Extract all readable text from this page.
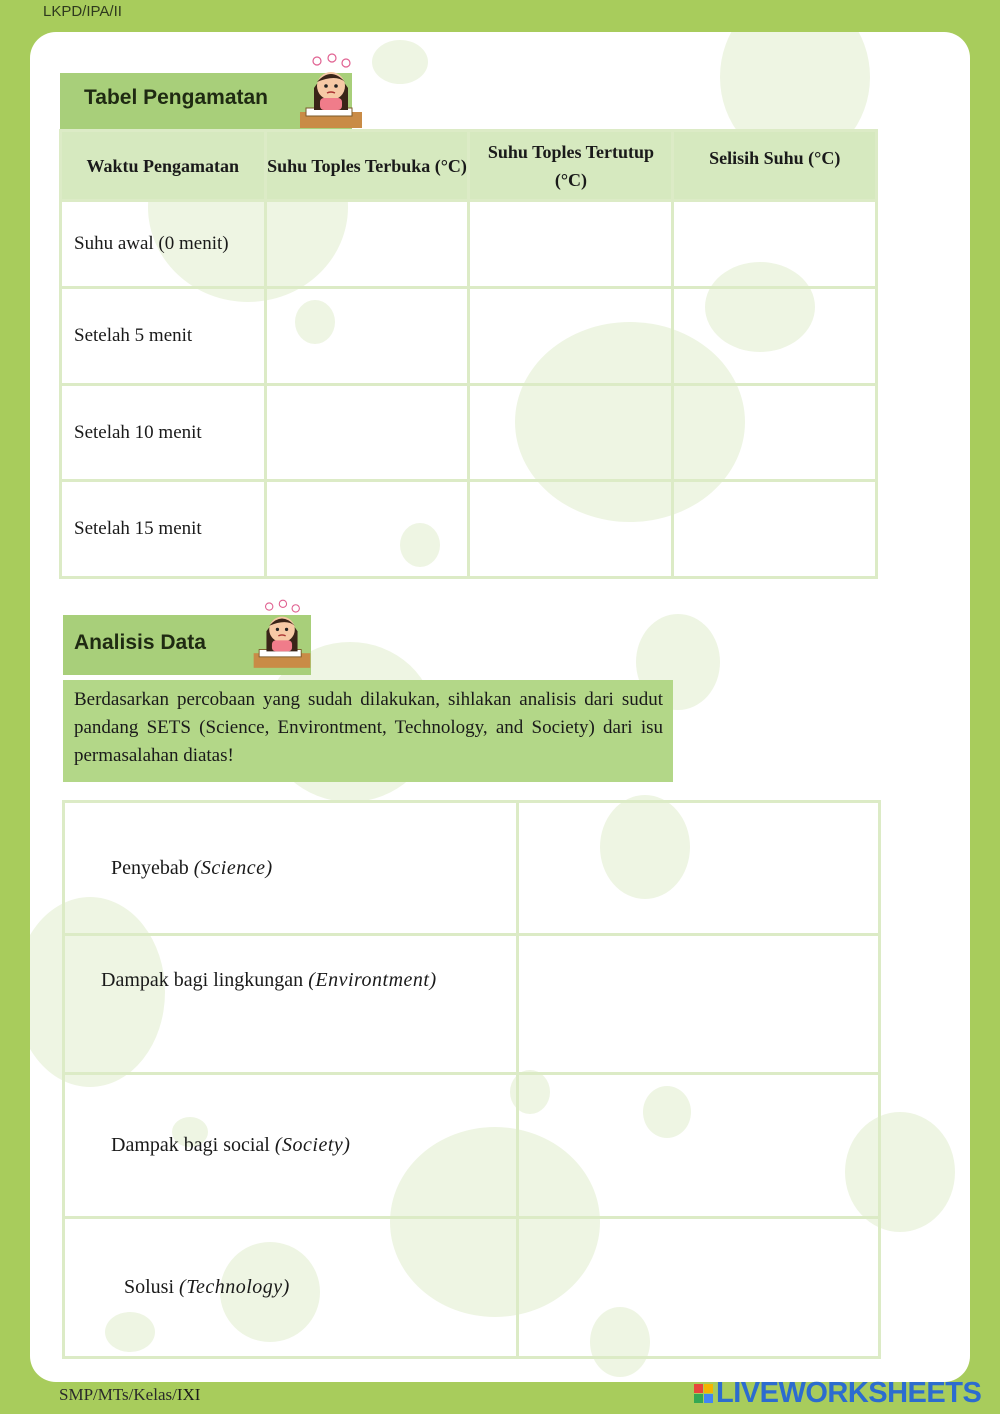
LKPD/IPA/II
Tabel Pengamatan
Waktu Pengamatan	Suhu Toples Terbuka (°C)	Suhu Toples Tertutup (°C)	Selisih Suhu (°C)
Suhu awal (0 menit)			
Setelah 5 menit			
Setelah 10 menit			
Setelah 15 menit			
Analisis Data
Berdasarkan percobaan yang sudah dilakukan, sihlakan analisis dari sudut pandang SETS (Science, Environtment, Technology, and Society) dari isu permasalahan diatas!
Penyebab (Science)	
Dampak bagi lingkungan (Environtment)	
Dampak bagi social (Society)	
Solusi (Technology)	
SMP/MTs/Kelas/IXI	LIVEWORKSHEETS
